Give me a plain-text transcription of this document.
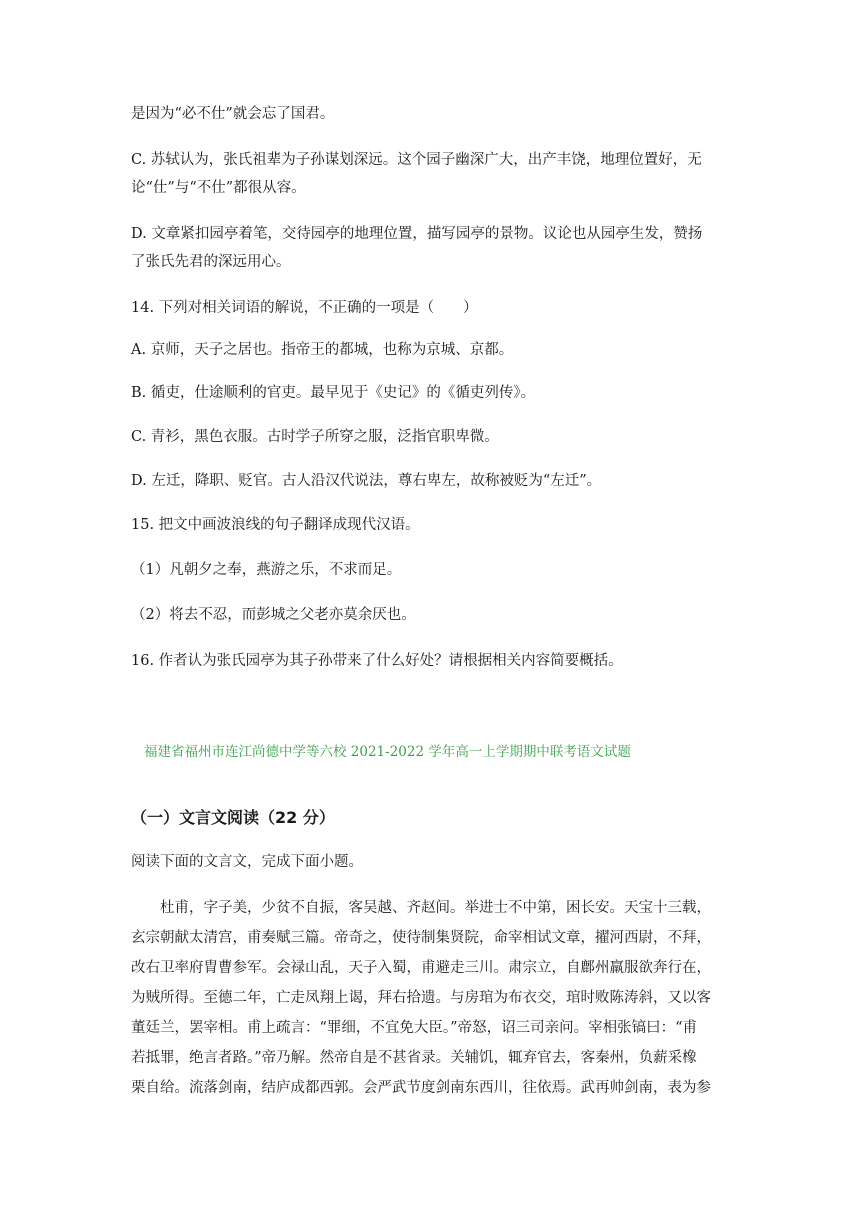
是因为“必不仕”就会忘了国君。
C. 苏轼认为，张氏祖辈为子孙谋划深远。这个园子幽深广大，出产丰饶，地理位置好，无
论“仕”与“不仕”都很从容。
D. 文章紧扣园亭着笔，交待园亭的地理位置，描写园亭的景物。议论也从园亭生发，赞扬
了张氏先君的深远用心。
14. 下列对相关词语的解说，不正确的一项是（　　）
A. 京师，天子之居也。指帝王的都城，也称为京城、京都。
B. 循吏，仕途顺利的官吏。最早见于《史记》的《循吏列传》。
C. 青衫，黑色衣服。古时学子所穿之服，泛指官职卑微。
D. 左迁，降职、贬官。古人沿汉代说法，尊右卑左，故称被贬为“左迁”。
15. 把文中画波浪线的句子翻译成现代汉语。
（1）凡朝夕之奉，燕游之乐，不求而足。
（2）将去不忍，而彭城之父老亦莫余厌也。
16. 作者认为张氏园亭为其子孙带来了什么好处？请根据相关内容简要概括。
福建省福州市连江尚德中学等六校 2021-2022 学年高一上学期期中联考语文试题
（一）文言文阅读（22 分）
阅读下面的文言文，完成下面小题。
　　杜甫，字子美，少贫不自振，客吴越、齐赵间。举进士不中第，困长安。天宝十三载，
玄宗朝献太清宫，甫奏赋三篇。帝奇之，使待制集贤院，命宰相试文章，擢河西尉，不拜，
改右卫率府胄曹参军。会禄山乱，天子入蜀，甫避走三川。肃宗立，自鄜州羸服欲奔行在，
为贼所得。至德二年，亡走凤翔上谒，拜右拾遗。与房琯为布衣交，琯时败陈涛斜，又以客
董廷兰，罢宰相。甫上疏言：“罪细，不宜免大臣。”帝怒，诏三司亲问。宰相张镐曰：“甫
若抵罪，绝言者路。”帝乃解。然帝自是不甚省录。关辅饥，辄弃官去，客秦州，负薪采橡
栗自给。流落剑南，结庐成都西郭。会严武节度剑南东西川，往依焉。武再帅剑南，表为参
